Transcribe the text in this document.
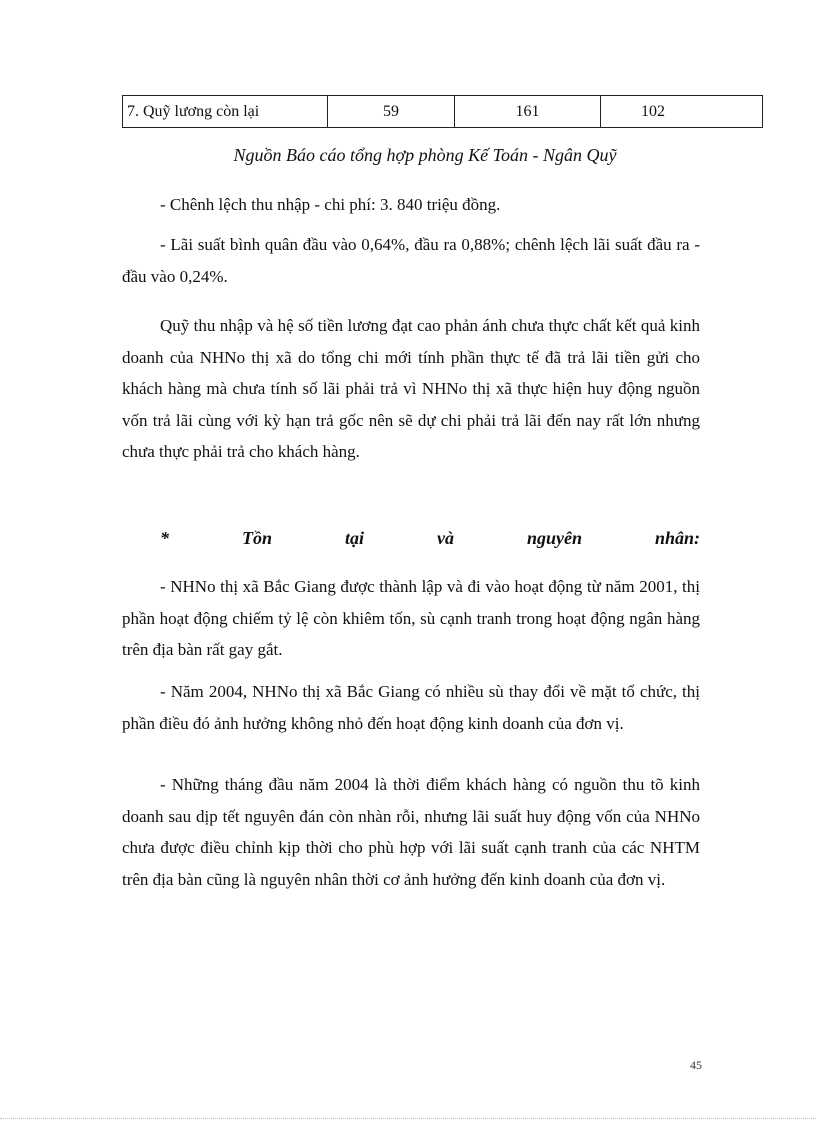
7. Quỹ lương còn lại	59	161	102
Nguồn Báo cáo tổng hợp phòng Kế Toán - Ngân Quỹ

- Chênh lệch thu nhập - chi phí: 3. 840 triệu đồng.

- Lãi suất bình quân đầu vào 0,64%, đầu ra 0,88%; chênh lệch lãi suất đầu ra - đầu vào 0,24%.

Quỹ thu nhập và hệ số tiền lương đạt cao phản ánh chưa thực chất kết quả kinh doanh của NHNo thị xã do tổng chi mới tính phần thực tế đã trả lãi tiền gửi cho khách hàng mà chưa tính số lãi phải trả vì NHNo thị xã thực hiện huy động nguồn vốn trả lãi cùng với kỳ hạn trả gốc nên sẽ dự chi phải trả lãi đến nay rất lớn nhưng chưa thực phải trả cho khách hàng.

*	Tồn	tại	và	nguyên	nhân:

- NHNo thị xã Bắc Giang được thành lập và đi vào hoạt động từ năm 2001, thị phần hoạt động chiếm tỷ lệ còn khiêm tốn, sù cạnh tranh trong hoạt động ngân hàng trên địa bàn rất gay gắt.

- Năm 2004, NHNo thị xã Bắc Giang có nhiều sù thay đổi về mặt tổ chức, thị phần điều đó ảnh hưởng không nhỏ đến hoạt động kinh doanh của đơn vị.

- Những tháng đầu năm 2004 là thời điểm khách hàng có nguồn thu tõ kinh doanh sau dịp tết nguyên đán còn nhàn rỗi, nhưng lãi suất huy động vốn của NHNo chưa được điều chỉnh kịp thời cho phù hợp với lãi suất cạnh tranh của các NHTM trên địa bàn cũng là nguyên nhân thời cơ ảnh hưởng đến kinh doanh của đơn vị.

45
